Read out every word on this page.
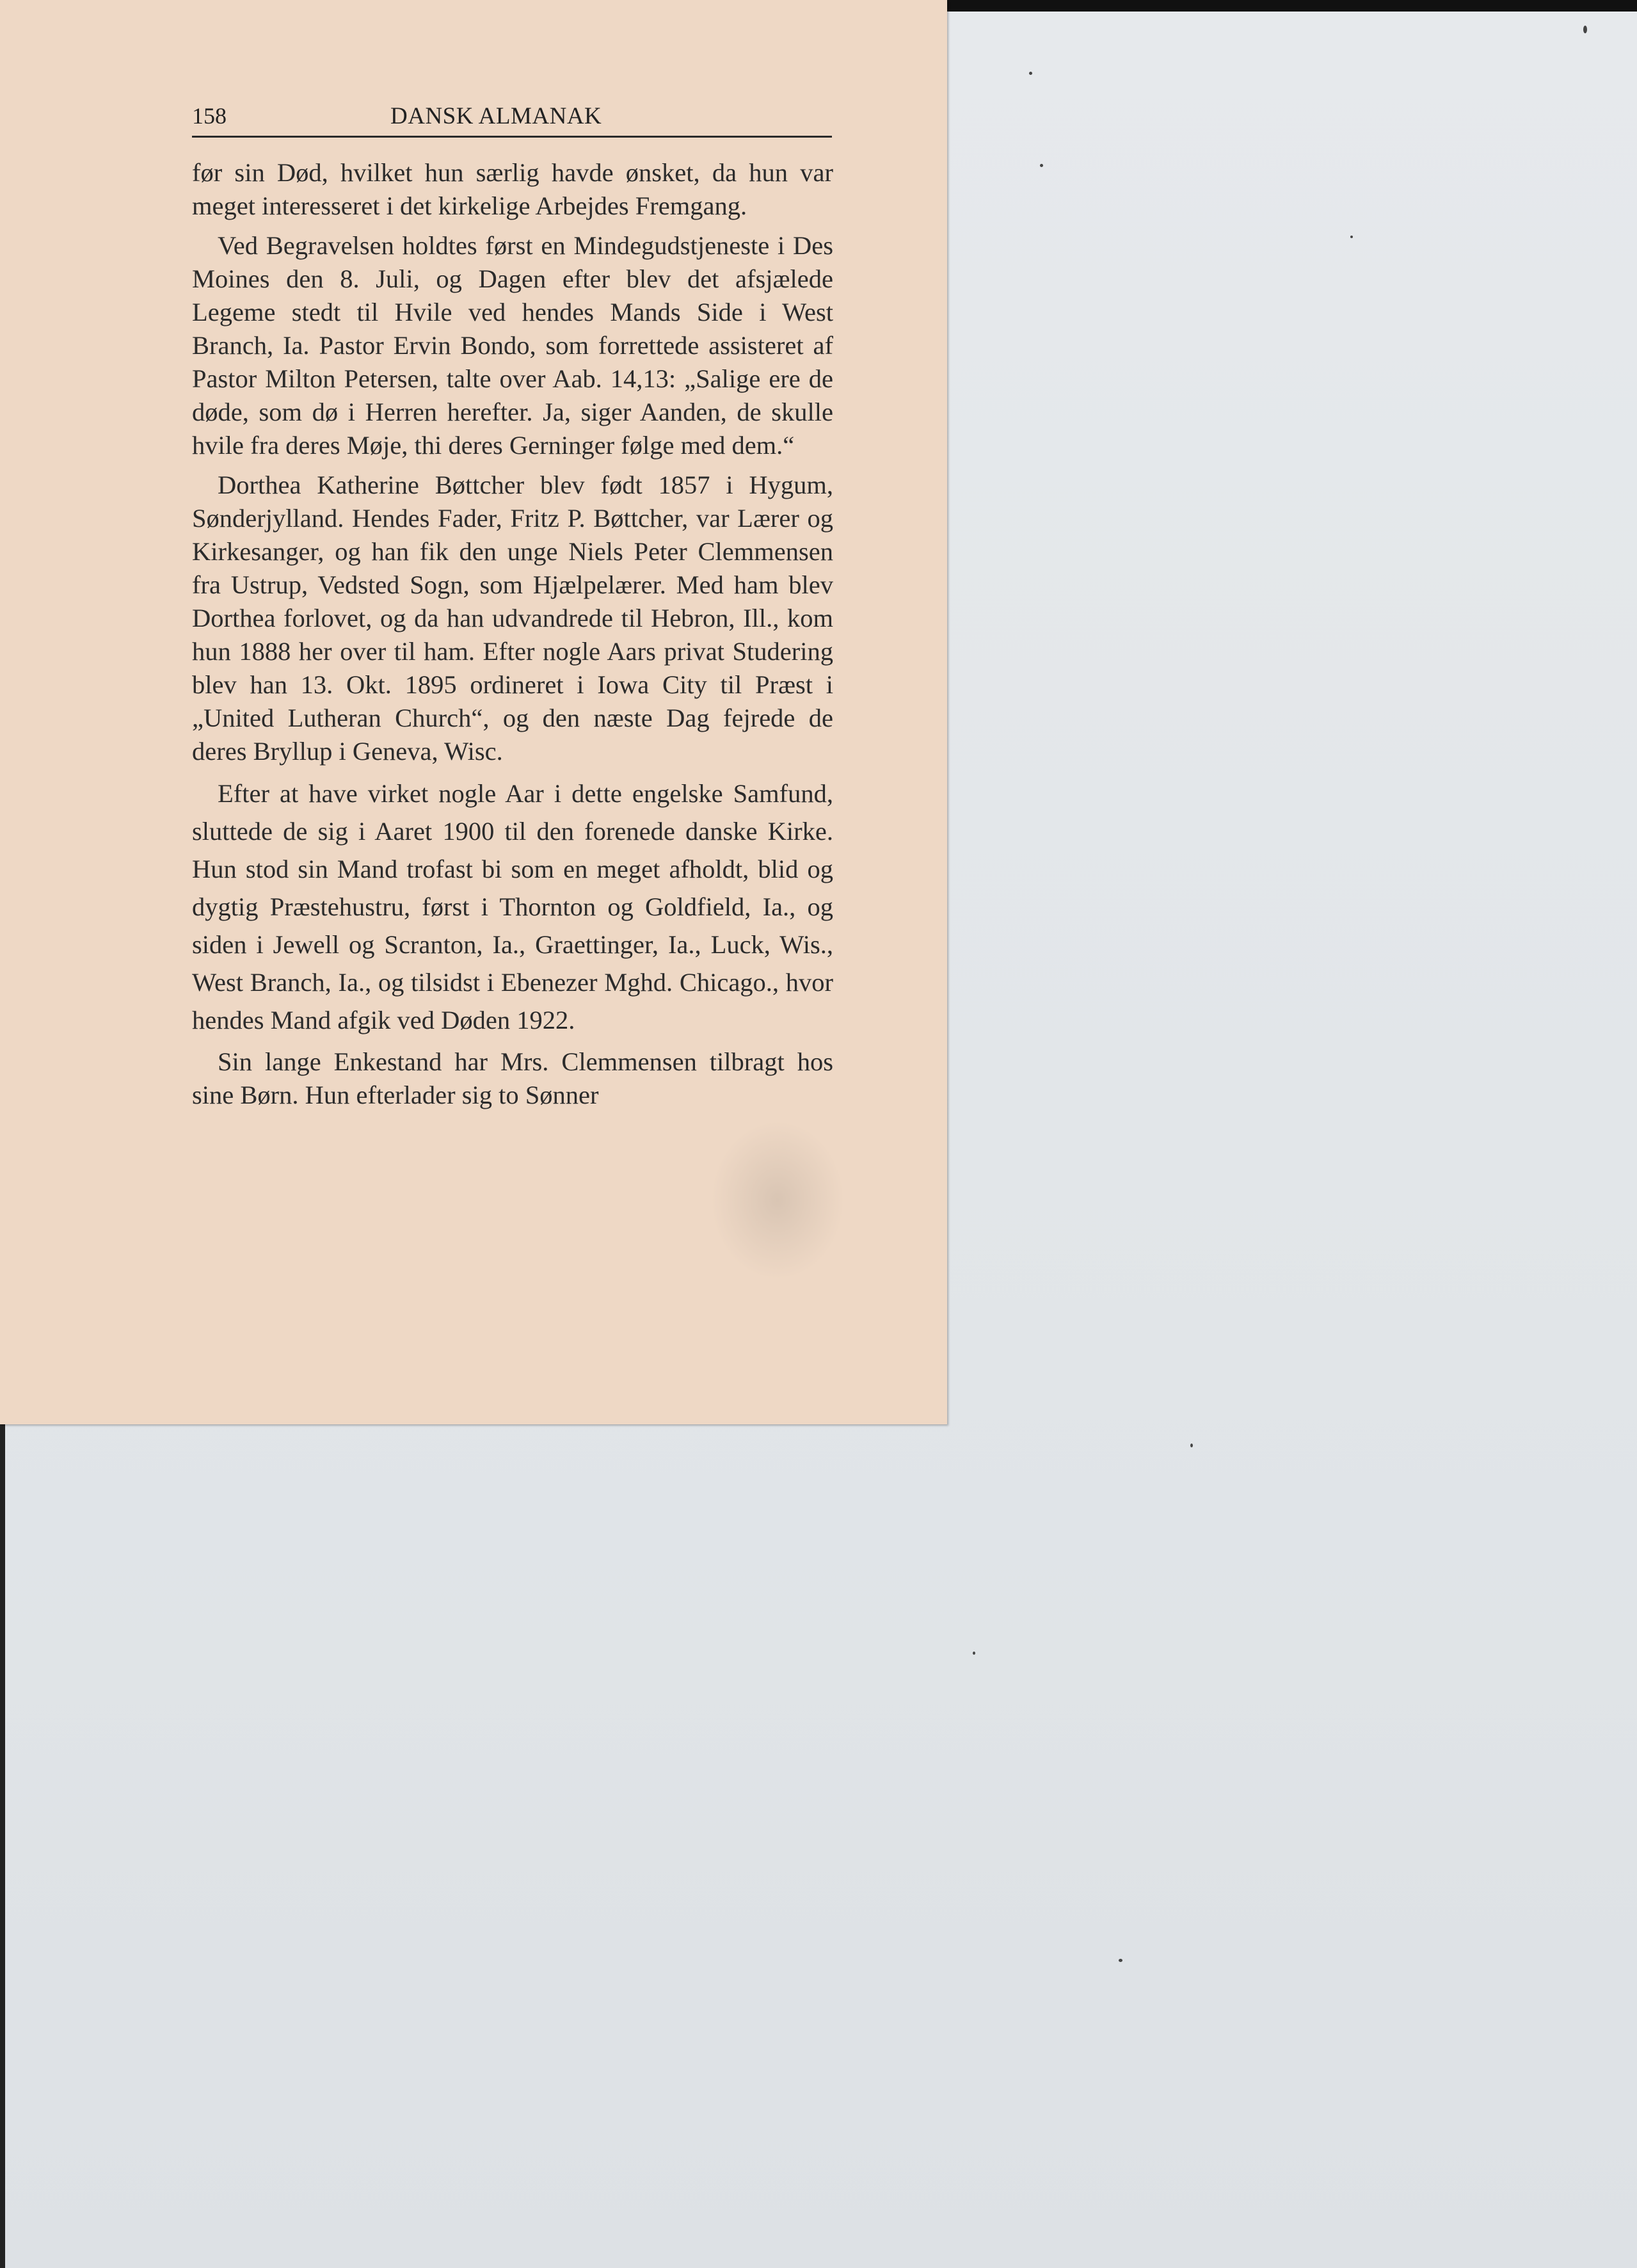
158	DANSK ALMANAK

før sin Død, hvilket hun særlig havde ønsket, da hun var meget interesseret i det kirkelige Arbejdes Fremgang.

Ved Begravelsen holdtes først en Mindegudstjeneste i Des Moines den 8. Juli, og Dagen efter blev det afsjælede Legeme stedt til Hvile ved hendes Mands Side i West Branch, Ia. Pastor Ervin Bondo, som forrettede assisteret af Pastor Milton Petersen, talte over Aab. 14,13: „Salige ere de døde, som dø i Herren herefter. Ja, siger Aanden, de skulle hvile fra deres Møje, thi deres Gerninger følge med dem.“

Dorthea Katherine Bøttcher blev født 1857 i Hygum, Sønderjylland. Hendes Fader, Fritz P. Bøttcher, var Lærer og Kirkesanger, og han fik den unge Niels Peter Clemmensen fra Ustrup, Vedsted Sogn, som Hjælpelærer. Med ham blev Dorthea forlovet, og da han udvandrede til Hebron, Ill., kom hun 1888 her over til ham. Efter nogle Aars privat Studering blev han 13. Okt. 1895 ordineret i Iowa City til Præst i „United Lutheran Church“, og den næste Dag fejrede de deres Bryllup i Geneva, Wisc.

Efter at have virket nogle Aar i dette engelske Samfund, sluttede de sig i Aaret 1900 til den forenede danske Kirke. Hun stod sin Mand trofast bi som en meget afholdt, blid og dygtig Præstehustru, først i Thornton og Goldfield, Ia., og siden i Jewell og Scranton, Ia., Graettinger, Ia., Luck, Wis., West Branch, Ia., og tilsidst i Ebenezer Mghd. Chicago., hvor hendes Mand afgik ved Døden 1922.

Sin lange Enkestand har Mrs. Clemmensen tilbragt hos sine Børn. Hun efterlader sig to Sønner
